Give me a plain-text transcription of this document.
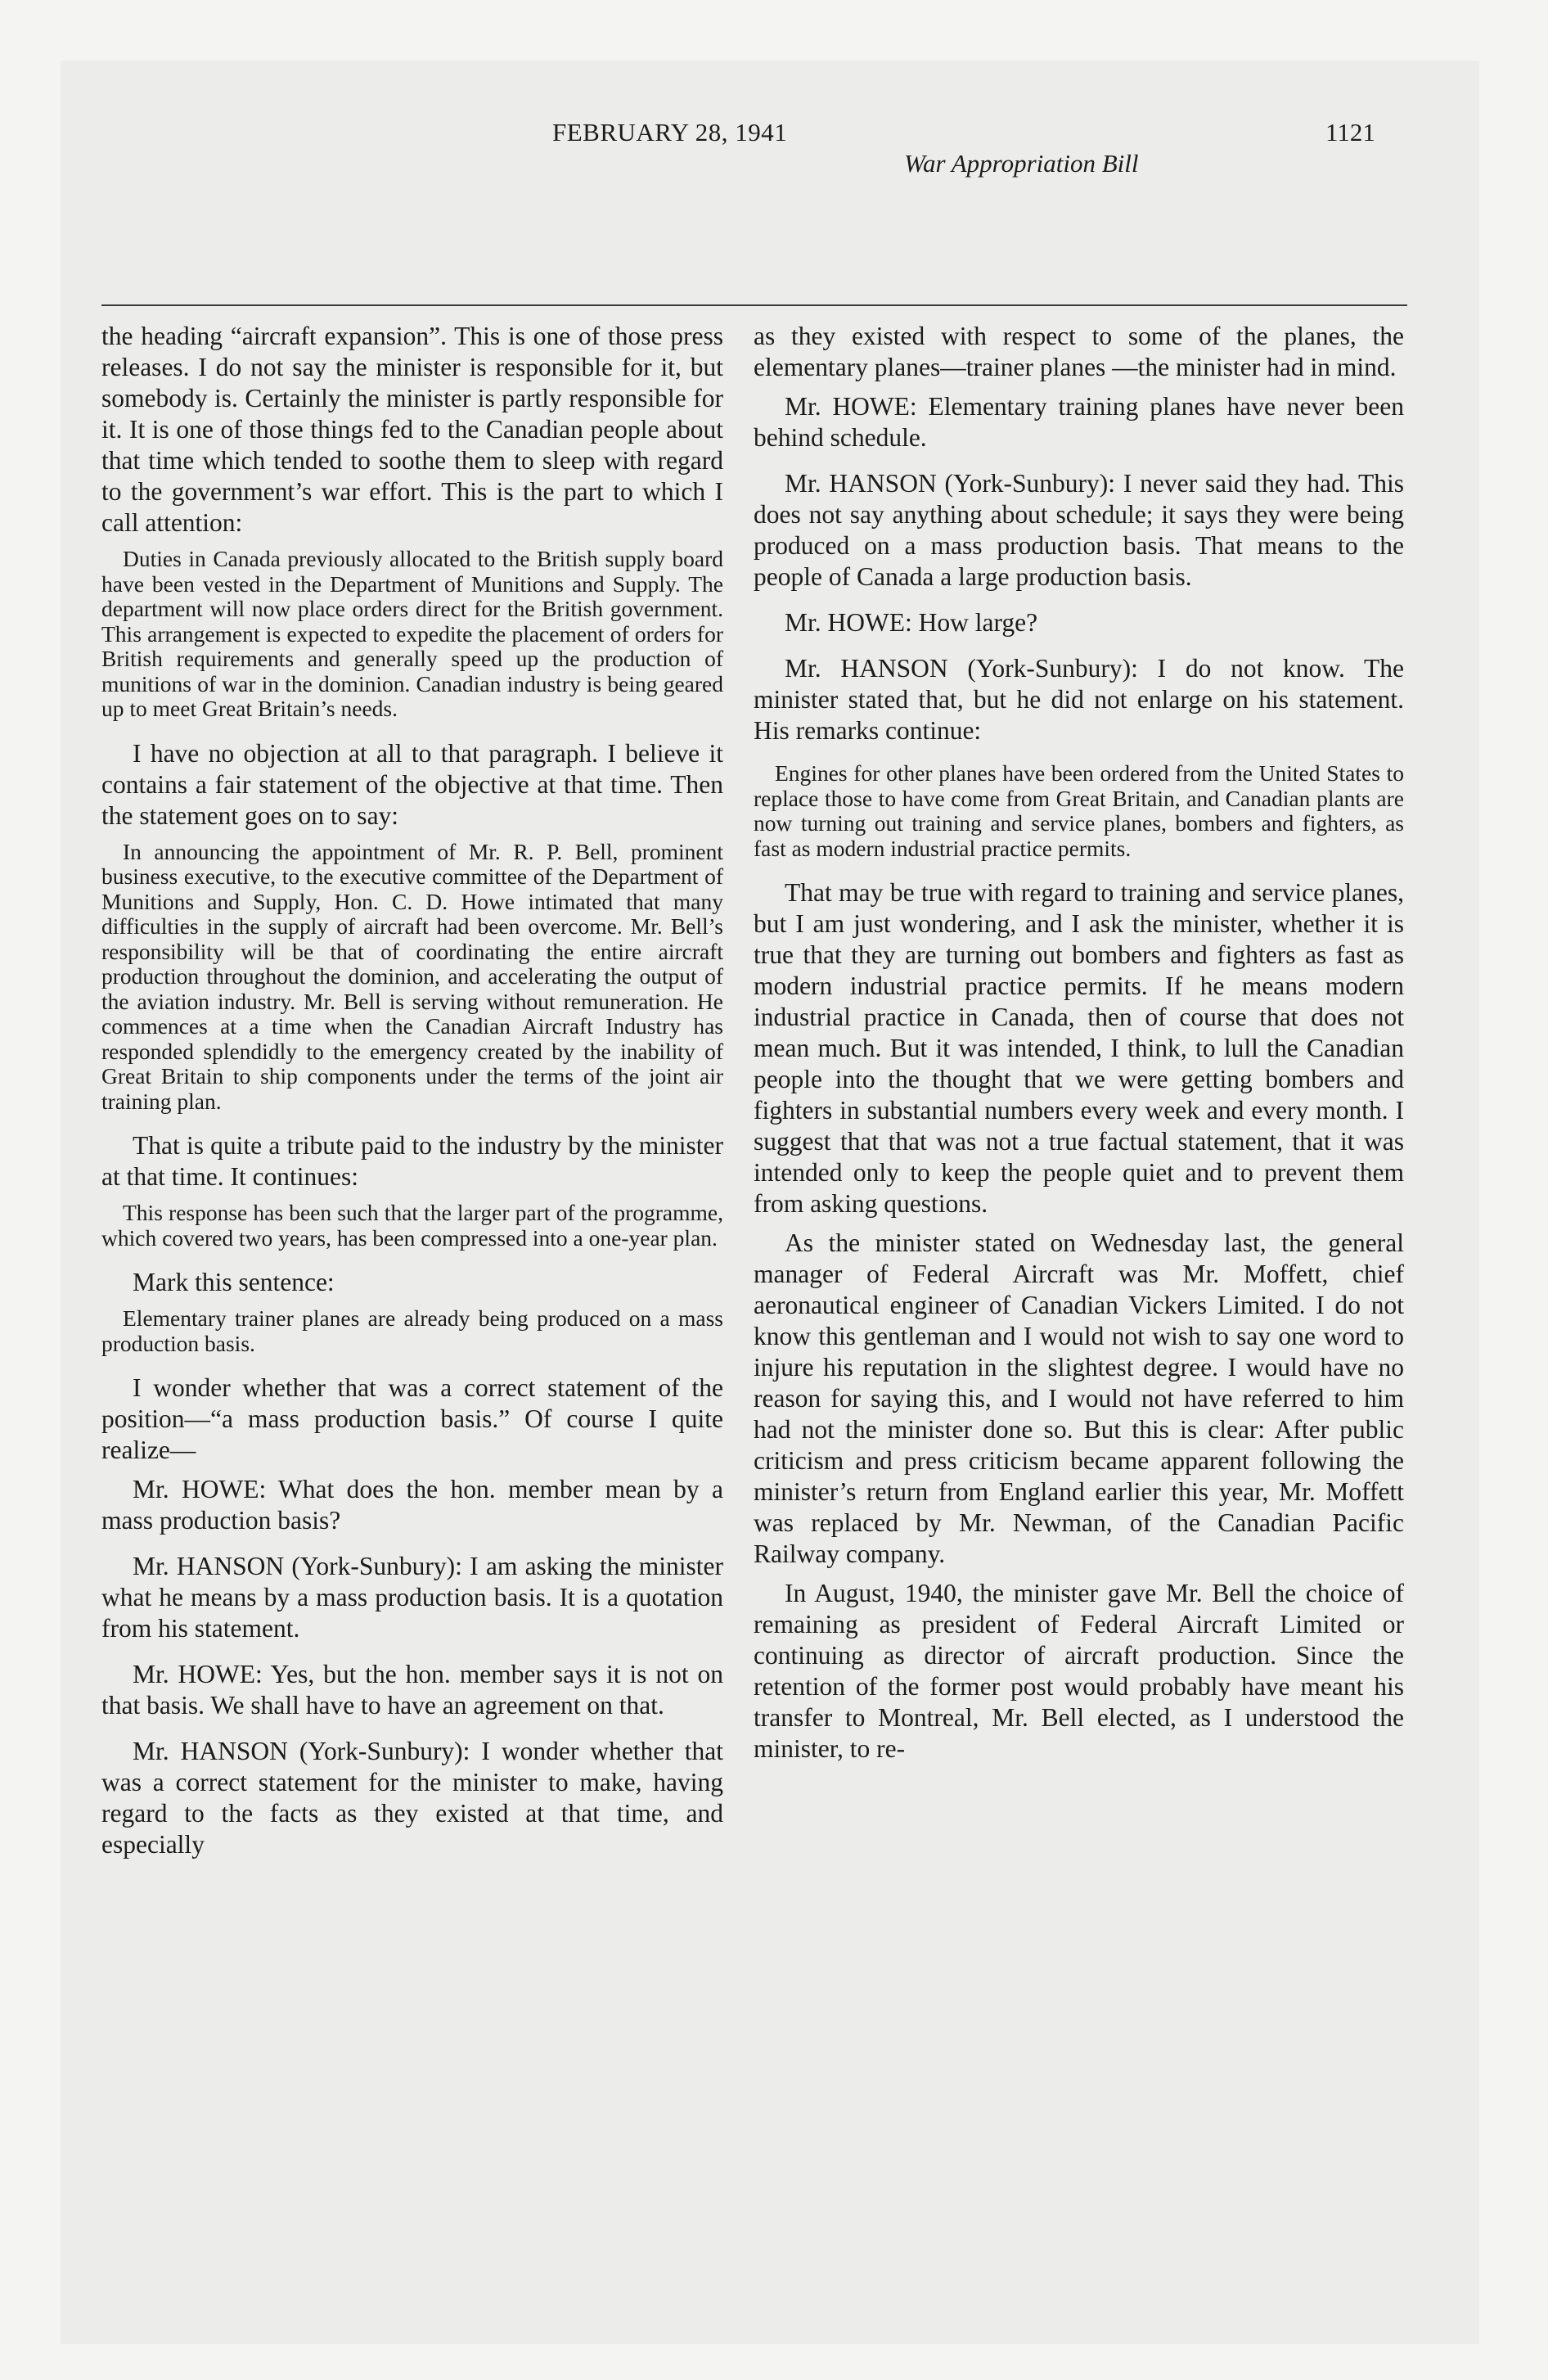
FEBRUARY 28, 1941	1121
War Appropriation Bill

the heading “aircraft expansion”. This is one of those press releases. I do not say the minister is responsible for it, but somebody is. Certainly the minister is partly responsible for it. It is one of those things fed to the Canadian people about that time which tended to soothe them to sleep with regard to the government’s war effort. This is the part to which I call attention:

Duties in Canada previously allocated to the British supply board have been vested in the Department of Munitions and Supply. The department will now place orders direct for the British government. This arrangement is expected to expedite the placement of orders for British requirements and generally speed up the production of munitions of war in the dominion. Canadian industry is being geared up to meet Great Britain’s needs.

I have no objection at all to that paragraph. I believe it contains a fair statement of the objective at that time. Then the statement goes on to say:

In announcing the appointment of Mr. R. P. Bell, prominent business executive, to the executive committee of the Department of Munitions and Supply, Hon. C. D. Howe intimated that many difficulties in the supply of aircraft had been overcome. Mr. Bell’s responsibility will be that of coordinating the entire aircraft production throughout the dominion, and accelerating the output of the aviation industry. Mr. Bell is serving without remuneration. He commences at a time when the Canadian Aircraft Industry has responded splendidly to the emergency created by the inability of Great Britain to ship components under the terms of the joint air training plan.

That is quite a tribute paid to the industry by the minister at that time. It continues:

This response has been such that the larger part of the programme, which covered two years, has been compressed into a one-year plan.

Mark this sentence:

Elementary trainer planes are already being produced on a mass production basis.

I wonder whether that was a correct statement of the position—“a mass production basis.” Of course I quite realize—

Mr. HOWE: What does the hon. member mean by a mass production basis?

Mr. HANSON (York-Sunbury): I am asking the minister what he means by a mass production basis. It is a quotation from his statement.

Mr. HOWE: Yes, but the hon. member says it is not on that basis. We shall have to have an agreement on that.

Mr. HANSON (York-Sunbury): I wonder whether that was a correct statement for the minister to make, having regard to the facts as they existed at that time, and especially

as they existed with respect to some of the planes, the elementary planes—trainer planes —the minister had in mind.

Mr. HOWE: Elementary training planes have never been behind schedule.

Mr. HANSON (York-Sunbury): I never said they had. This does not say anything about schedule; it says they were being produced on a mass production basis. That means to the people of Canada a large production basis.

Mr. HOWE: How large?

Mr. HANSON (York-Sunbury): I do not know. The minister stated that, but he did not enlarge on his statement. His remarks continue:

Engines for other planes have been ordered from the United States to replace those to have come from Great Britain, and Canadian plants are now turning out training and service planes, bombers and fighters, as fast as modern industrial practice permits.

That may be true with regard to training and service planes, but I am just wondering, and I ask the minister, whether it is true that they are turning out bombers and fighters as fast as modern industrial practice permits. If he means modern industrial practice in Canada, then of course that does not mean much. But it was intended, I think, to lull the Canadian people into the thought that we were getting bombers and fighters in substantial numbers every week and every month. I suggest that that was not a true factual statement, that it was intended only to keep the people quiet and to prevent them from asking questions.

As the minister stated on Wednesday last, the general manager of Federal Aircraft was Mr. Moffett, chief aeronautical engineer of Canadian Vickers Limited. I do not know this gentleman and I would not wish to say one word to injure his reputation in the slightest degree. I would have no reason for saying this, and I would not have referred to him had not the minister done so. But this is clear: After public criticism and press criticism became apparent following the minister’s return from England earlier this year, Mr. Moffett was replaced by Mr. Newman, of the Canadian Pacific Railway company.

In August, 1940, the minister gave Mr. Bell the choice of remaining as president of Federal Aircraft Limited or continuing as director of aircraft production. Since the retention of the former post would probably have meant his transfer to Montreal, Mr. Bell elected, as I understood the minister, to re-
